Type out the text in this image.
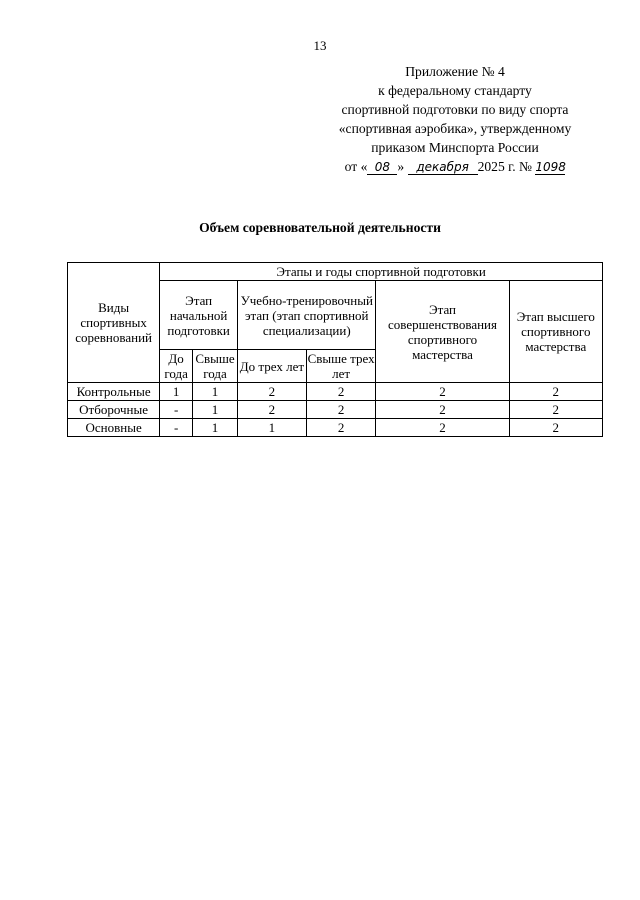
13
Приложение № 4
к федеральному стандарту
спортивной подготовки по виду спорта
«спортивная аэробика», утвержденному
приказом Минспорта России
от « 08 » декабря 2025 г. № 1098
Объем соревновательной деятельности
Виды спортивных соревнований	Этапы и годы спортивной подготовки					
	Этап начальной подготовки		Учебно-тренировочный этап (этап спортивной специализации)		Этап совершенствования спортивного мастерства	Этап высшего спортивного мастерства
	До года	Свыше года	До трех лет	Свыше трех лет		
Контрольные	1	1	2	2	2	2
Отборочные	-	1	2	2	2	2
Основные	-	1	1	2	2	2
